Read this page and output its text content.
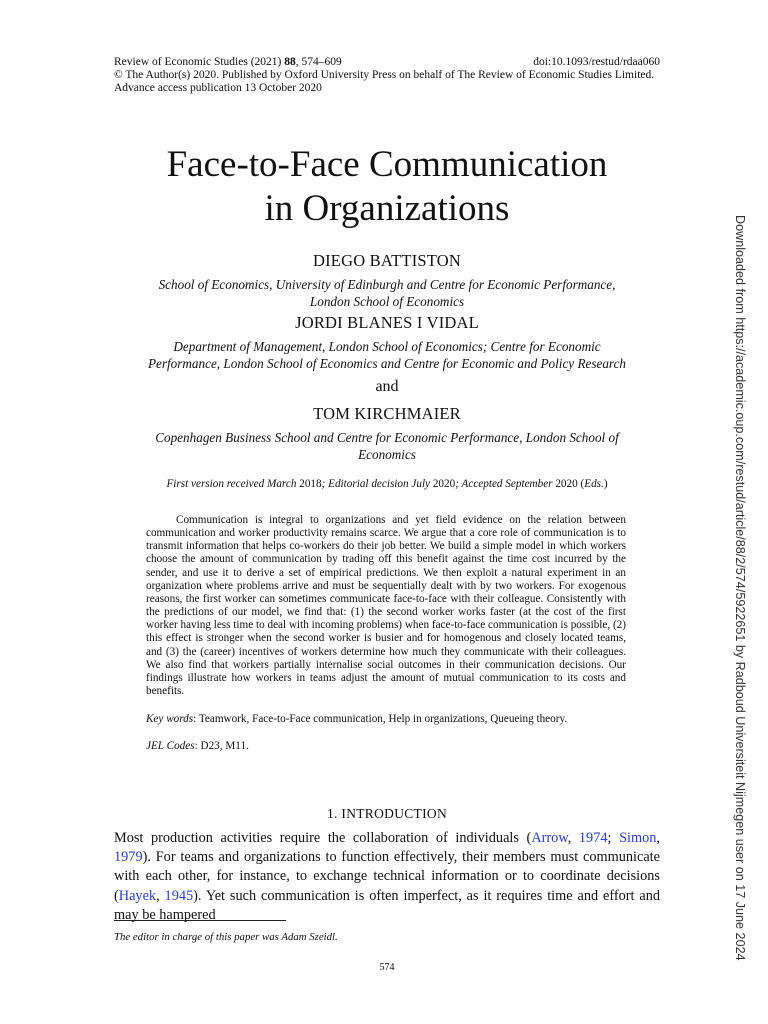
Review of Economic Studies (2021) 88, 574–609	doi:10.1093/restud/rdaa060
© The Author(s) 2020. Published by Oxford University Press on behalf of The Review of Economic Studies Limited.
Advance access publication 13 October 2020
Face-to-Face Communication
in Organizations
DIEGO BATTISTON
School of Economics, University of Edinburgh and Centre for Economic Performance,
London School of Economics
JORDI BLANES I VIDAL
Department of Management, London School of Economics; Centre for Economic
Performance, London School of Economics and Centre for Economic and Policy Research
and
TOM KIRCHMAIER
Copenhagen Business School and Centre for Economic Performance, London School of
Economics
First version received March 2018; Editorial decision July 2020; Accepted September 2020 (Eds.)

Communication is integral to organizations and yet field evidence on the relation between communication and worker productivity remains scarce. We argue that a core role of communication is to transmit information that helps co-workers do their job better. We build a simple model in which workers choose the amount of communication by trading off this benefit against the time cost incurred by the sender, and use it to derive a set of empirical predictions. We then exploit a natural experiment in an organization where problems arrive and must be sequentially dealt with by two workers. For exogenous reasons, the first worker can sometimes communicate face-to-face with their colleague. Consistently with the predictions of our model, we find that: (1) the second worker works faster (at the cost of the first worker having less time to deal with incoming problems) when face-to-face communication is possible, (2) this effect is stronger when the second worker is busier and for homogenous and closely located teams, and (3) the (career) incentives of workers determine how much they communicate with their colleagues. We also find that workers partially internalise social outcomes in their communication decisions. Our findings illustrate how workers in teams adjust the amount of mutual communication to its costs and benefits.

Key words: Teamwork, Face-to-Face communication, Help in organizations, Queueing theory.
JEL Codes: D23, M11.
1. INTRODUCTION

Most production activities require the collaboration of individuals (Arrow, 1974; Simon, 1979). For teams and organizations to function effectively, their members must communicate with each other, for instance, to exchange technical information or to coordinate decisions (Hayek, 1945). Yet such communication is often imperfect, as it requires time and effort and may be hampered

The editor in charge of this paper was Adam Szeidl.
574
Downloaded from https://academic.oup.com/restud/article/88/2/574/5922651 by Radboud Universiteit Nijmegen user on 17 June 2024
